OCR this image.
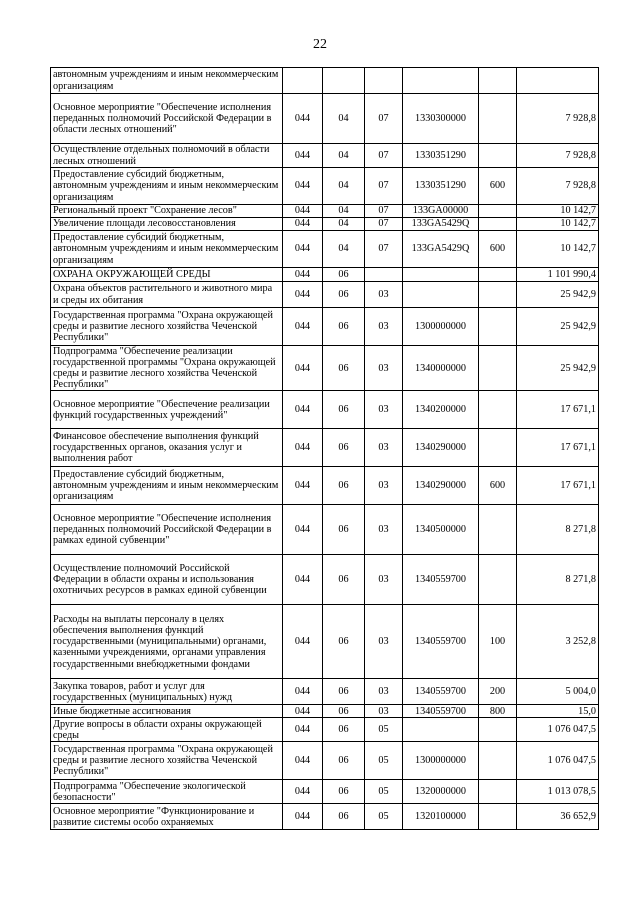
22
автономным учреждениям и иным некоммерческим организациям						
Основное мероприятие "Обеспечение исполнения переданных полномочий Российской Федерации в области лесных отношений"	044	04	07	1330300000		7 928,8
Осуществление отдельных полномочий в области лесных отношений	044	04	07	1330351290		7 928,8
Предоставление субсидий бюджетным, автономным учреждениям и иным некоммерческим организациям	044	04	07	1330351290	600	7 928,8
Региональный проект "Сохранение лесов"	044	04	07	133GA00000		10 142,7
Увеличение площади лесовосстановления	044	04	07	133GA5429Q		10 142,7
Предоставление субсидий бюджетным, автономным учреждениям и иным некоммерческим организациям	044	04	07	133GA5429Q	600	10 142,7
ОХРАНА ОКРУЖАЮЩЕЙ СРЕДЫ	044	06				1 101 990,4
Охрана объектов растительного и животного мира и среды их обитания	044	06	03			25 942,9
Государственная программа "Охрана окружающей среды и развитие лесного хозяйства Чеченской Республики"	044	06	03	1300000000		25 942,9
Подпрограмма "Обеспечение реализации государственной программы "Охрана окружающей среды и развитие лесного хозяйства Чеченской Республики"	044	06	03	1340000000		25 942,9
Основное мероприятие "Обеспечение реализации функций государственных учреждений"	044	06	03	1340200000		17 671,1
Финансовое обеспечение выполнения функций государственных органов, оказания услуг и выполнения работ	044	06	03	1340290000		17 671,1
Предоставление субсидий бюджетным, автономным учреждениям и иным некоммерческим организациям	044	06	03	1340290000	600	17 671,1
Основное мероприятие "Обеспечение исполнения переданных полномочий Российской Федерации в рамках единой субвенции"	044	06	03	1340500000		8 271,8
Осуществление полномочий Российской Федерации в области охраны и использования охотничьих ресурсов в рамках единой субвенции	044	06	03	1340559700		8 271,8
Расходы на выплаты персоналу в целях обеспечения выполнения функций государственными (муниципальными) органами, казенными учреждениями, органами управления государственными внебюджетными фондами	044	06	03	1340559700	100	3 252,8
Закупка товаров, работ и услуг для государственных (муниципальных) нужд	044	06	03	1340559700	200	5 004,0
Иные бюджетные ассигнования	044	06	03	1340559700	800	15,0
Другие вопросы в области охраны окружающей среды	044	06	05			1 076 047,5
Государственная программа "Охрана окружающей среды и развитие лесного хозяйства Чеченской Республики"	044	06	05	1300000000		1 076 047,5
Подпрограмма "Обеспечение экологической безопасности"	044	06	05	1320000000		1 013 078,5
Основное мероприятие "Функционирование и развитие системы особо охраняемых	044	06	05	1320100000		36 652,9
